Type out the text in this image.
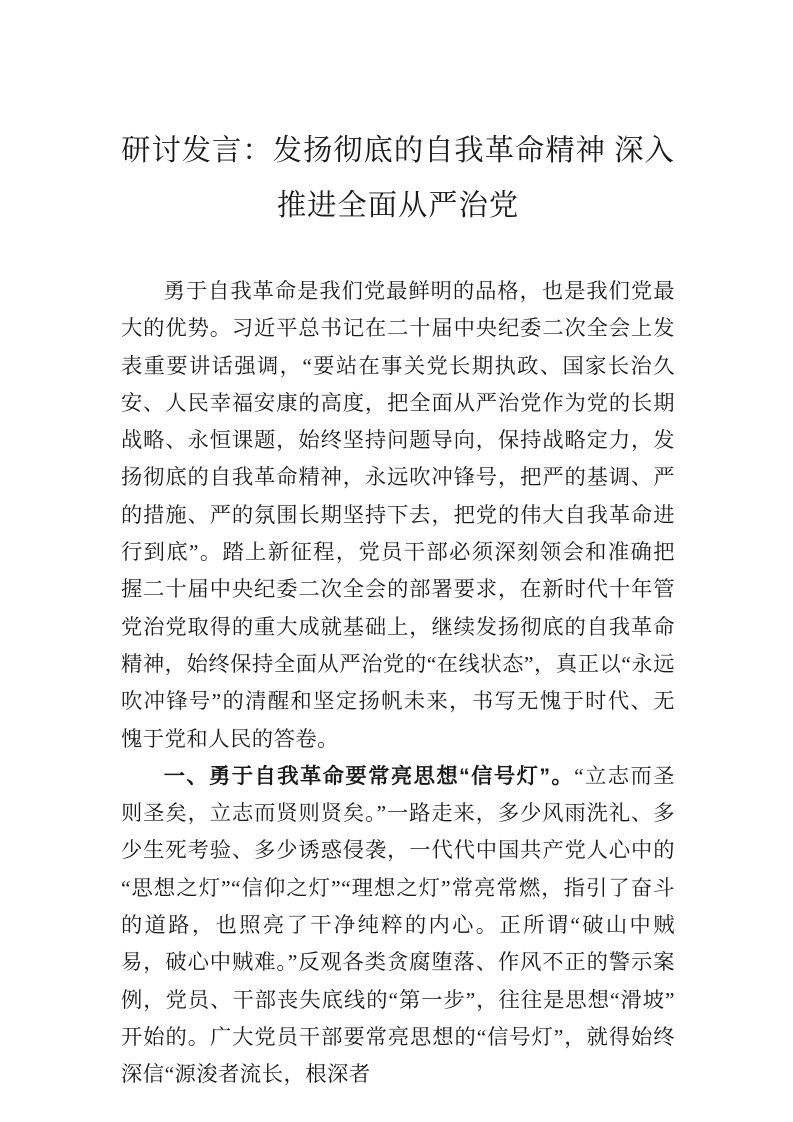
研讨发言：发扬彻底的自我革命精神 深入推进全面从严治党

勇于自我革命是我们党最鲜明的品格，也是我们党最大的优势。习近平总书记在二十届中央纪委二次全会上发表重要讲话强调，“要站在事关党长期执政、国家长治久安、人民幸福安康的高度，把全面从严治党作为党的长期战略、永恒课题，始终坚持问题导向，保持战略定力，发扬彻底的自我革命精神，永远吹冲锋号，把严的基调、严的措施、严的氛围长期坚持下去，把党的伟大自我革命进行到底”。踏上新征程，党员干部必须深刻领会和准确把握二十届中央纪委二次全会的部署要求，在新时代十年管党治党取得的重大成就基础上，继续发扬彻底的自我革命精神，始终保持全面从严治党的“在线状态”，真正以“永远吹冲锋号”的清醒和坚定扬帆未来，书写无愧于时代、无愧于党和人民的答卷。

一、勇于自我革命要常亮思想“信号灯”。“立志而圣则圣矣，立志而贤则贤矣。”一路走来，多少风雨洗礼、多少生死考验、多少诱惑侵袭，一代代中国共产党人心中的“思想之灯”“信仰之灯”“理想之灯”常亮常燃，指引了奋斗的道路，也照亮了干净纯粹的内心。正所谓“破山中贼易，破心中贼难。”反观各类贪腐堕落、作风不正的警示案例，党员、干部丧失底线的“第一步”，往往是思想“滑坡”开始的。广大党员干部要常亮思想的“信号灯”，就得始终深信“源浚者流长，根深者
